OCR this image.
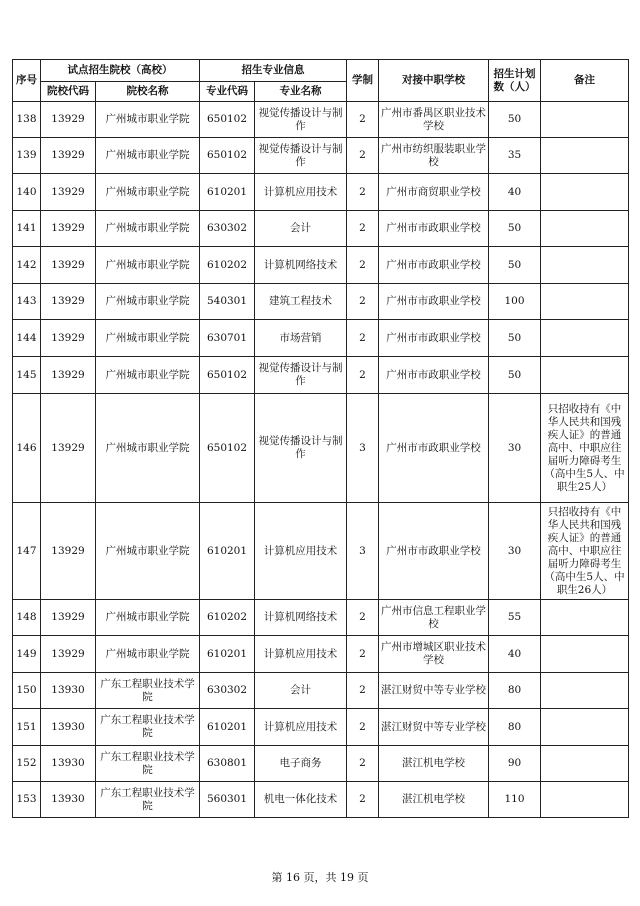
序号	试点招生院校（高校）		招生专业信息		学制	对接中职学校	招生计划数（人）	备注
	院校代码	院校名称	专业代码	专业名称				
138	13929	广州城市职业学院	650102	视觉传播设计与制作	2	广州市番禺区职业技术学校	50	
139	13929	广州城市职业学院	650102	视觉传播设计与制作	2	广州市纺织服装职业学校	35	
140	13929	广州城市职业学院	610201	计算机应用技术	2	广州市商贸职业学校	40	
141	13929	广州城市职业学院	630302	会计	2	广州市市政职业学校	50	
142	13929	广州城市职业学院	610202	计算机网络技术	2	广州市市政职业学校	50	
143	13929	广州城市职业学院	540301	建筑工程技术	2	广州市市政职业学校	100	
144	13929	广州城市职业学院	630701	市场营销	2	广州市市政职业学校	50	
145	13929	广州城市职业学院	650102	视觉传播设计与制作	2	广州市市政职业学校	50	
146	13929	广州城市职业学院	650102	视觉传播设计与制作	3	广州市市政职业学校	30	只招收持有《中华人民共和国残疾人证》的普通高中、中职应往届听力障碍考生（高中生5人、中职生25人）
147	13929	广州城市职业学院	610201	计算机应用技术	3	广州市市政职业学校	30	只招收持有《中华人民共和国残疾人证》的普通高中、中职应往届听力障碍考生（高中生5人、中职生26人）
148	13929	广州城市职业学院	610202	计算机网络技术	2	广州市信息工程职业学校	55	
149	13929	广州城市职业学院	610201	计算机应用技术	2	广州市增城区职业技术学校	40	
150	13930	广东工程职业技术学院	630302	会计	2	湛江财贸中等专业学校	80	
151	13930	广东工程职业技术学院	610201	计算机应用技术	2	湛江财贸中等专业学校	80	
152	13930	广东工程职业技术学院	630801	电子商务	2	湛江机电学校	90	
153	13930	广东工程职业技术学院	560301	机电一体化技术	2	湛江机电学校	110	
第 16 页，共 19 页
